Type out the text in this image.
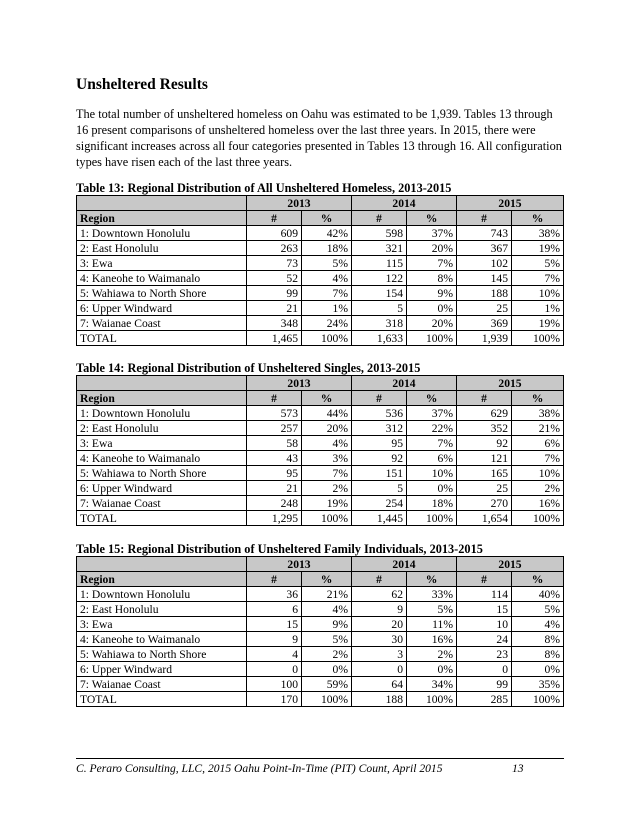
Unsheltered Results

The total number of unsheltered homeless on Oahu was estimated to be 1,939. Tables 13 through 16 present comparisons of unsheltered homeless over the last three years. In 2015, there were significant increases across all four categories presented in Tables 13 through 16. All configuration types have risen each of the last three years.

Table 13: Regional Distribution of All Unsheltered Homeless, 2013-2015
	2013		2014		2015	
Region	#	%	#	%	#	%
1: Downtown Honolulu	609	42%	598	37%	743	38%
2: East Honolulu	263	18%	321	20%	367	19%
3: Ewa	73	5%	115	7%	102	5%
4: Kaneohe to Waimanalo	52	4%	122	8%	145	7%
5: Wahiawa to North Shore	99	7%	154	9%	188	10%
6: Upper Windward	21	1%	5	0%	25	1%
7: Waianae Coast	348	24%	318	20%	369	19%
TOTAL	1,465	100%	1,633	100%	1,939	100%
Table 14: Regional Distribution of Unsheltered Singles, 2013-2015
	2013		2014		2015	
Region	#	%	#	%	#	%
1: Downtown Honolulu	573	44%	536	37%	629	38%
2: East Honolulu	257	20%	312	22%	352	21%
3: Ewa	58	4%	95	7%	92	6%
4: Kaneohe to Waimanalo	43	3%	92	6%	121	7%
5: Wahiawa to North Shore	95	7%	151	10%	165	10%
6: Upper Windward	21	2%	5	0%	25	2%
7: Waianae Coast	248	19%	254	18%	270	16%
TOTAL	1,295	100%	1,445	100%	1,654	100%
Table 15: Regional Distribution of Unsheltered Family Individuals, 2013-2015
	2013		2014		2015	
Region	#	%	#	%	#	%
1: Downtown Honolulu	36	21%	62	33%	114	40%
2: East Honolulu	6	4%	9	5%	15	5%
3: Ewa	15	9%	20	11%	10	4%
4: Kaneohe to Waimanalo	9	5%	30	16%	24	8%
5: Wahiawa to North Shore	4	2%	3	2%	23	8%
6: Upper Windward	0	0%	0	0%	0	0%
7: Waianae Coast	100	59%	64	34%	99	35%
TOTAL	170	100%	188	100%	285	100%
C. Peraro Consulting, LLC, 2015 Oahu Point-In-Time (PIT) Count, April 2015	13
